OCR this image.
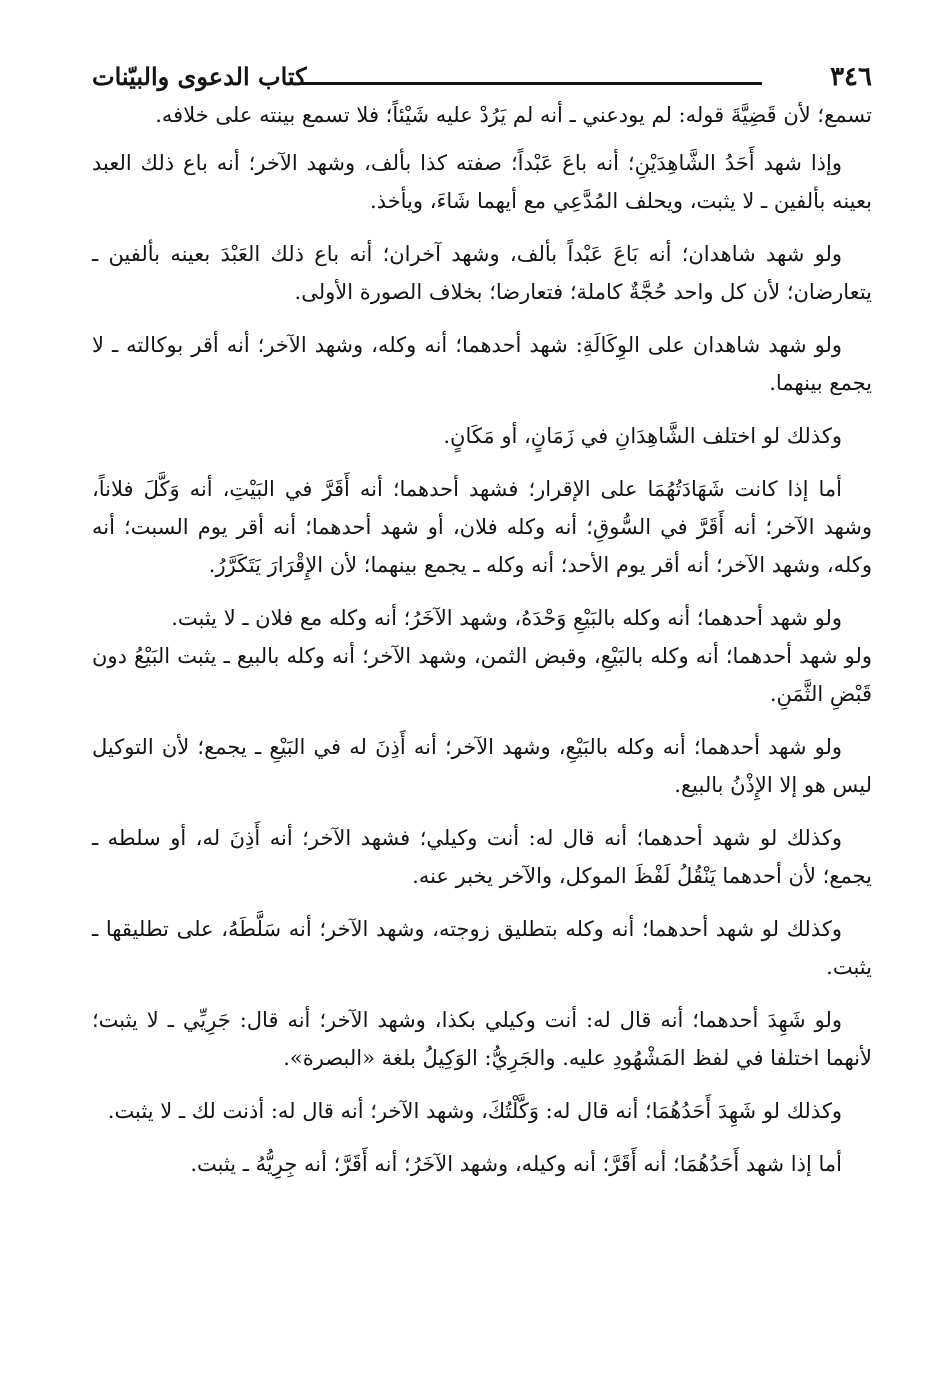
٣٤٦
كتاب الدعوى والبيّنات

تسمع؛ لأن قَضِيَّةَ قوله: لم يودعني ـ أنه لم يَرُدْ عليه شَيْئاً؛ فلا تسمع بينته على خلافه.

وإذا شهد أَحَدُ الشَّاهِدَيْنِ؛ أنه باعَ عَبْداً؛ صفته كذا بألف، وشهد الآخر؛ أنه باع ذلك العبد بعينه بألفين ـ لا يثبت، ويحلف المُدَّعِي مع أيهما شَاءَ، ويأخذ.

ولو شهد شاهدان؛ أنه بَاعَ عَبْداً بألف، وشهد آخران؛ أنه باع ذلك العَبْدَ بعينه بألفين ـ يتعارضان؛ لأن كل واحد حُجَّةٌ كاملة؛ فتعارضا؛ بخلاف الصورة الأولى.

ولو شهد شاهدان على الوِكَالَةِ: شهد أحدهما؛ أنه وكله، وشهد الآخر؛ أنه أقر بوكالته ـ لا يجمع بينهما.

وكذلك لو اختلف الشَّاهِدَانِ في زَمَانٍ، أو مَكَانٍ.

أما إذا كانت شَهَادَتُهُمَا على الإقرار؛ فشهد أحدهما؛ أنه أَقَرَّ في البَيْتِ، أنه وَكَّلَ فلاناً، وشهد الآخر؛ أنه أَقَرَّ في السُّوقِ؛ أنه وكله فلان، أو شهد أحدهما؛ أنه أقر يوم السبت؛ أنه وكله، وشهد الآخر؛ أنه أقر يوم الأحد؛ أنه وكله ـ يجمع بينهما؛ لأن الإِقْرَارَ يَتَكَرَّرُ.

ولو شهد أحدهما؛ أنه وكله بالبَيْعِ وَحْدَهُ، وشهد الآخَرُ؛ أنه وكله مع فلان ـ لا يثبت.

ولو شهد أحدهما؛ أنه وكله بالبَيْعِ، وقبض الثمن، وشهد الآخر؛ أنه وكله بالبيع ـ يثبت البَيْعُ دون قَبْضِ الثَّمَنِ.

ولو شهد أحدهما؛ أنه وكله بالبَيْعِ، وشهد الآخر؛ أنه أَذِنَ له في البَيْعِ ـ يجمع؛ لأن التوكيل ليس هو إلا الإِذْنُ بالبيع.

وكذلك لو شهد أحدهما؛ أنه قال له: أنت وكيلي؛ فشهد الآخر؛ أنه أَذِنَ له، أو سلطه ـ يجمع؛ لأن أحدهما يَنْقُلُ لَفْظَ الموكل، والآخر يخبر عنه.

وكذلك لو شهد أحدهما؛ أنه وكله بتطليق زوجته، وشهد الآخر؛ أنه سَلَّطَهُ، على تطليقها ـ يثبت.

ولو شَهِدَ أحدهما؛ أنه قال له: أنت وكيلي بكذا، وشهد الآخر؛ أنه قال: جَرِيِّي ـ لا يثبت؛ لأنهما اختلفا في لفظ المَشْهُودِ عليه. والجَرِيُّ: الوَكِيلُ بلغة «البصرة».

وكذلك لو شَهِدَ أَحَدُهُمَا؛ أنه قال له: وَكَّلْتُكَ، وشهد الآخر؛ أنه قال له: أذنت لك ـ لا يثبت.

أما إذا شهد أَحَدُهُمَا؛ أنه أَقَرَّ؛ أنه وكيله، وشهد الآخَرُ؛ أنه أَقَرَّ؛ أنه جِرِيُّهُ ـ يثبت.
